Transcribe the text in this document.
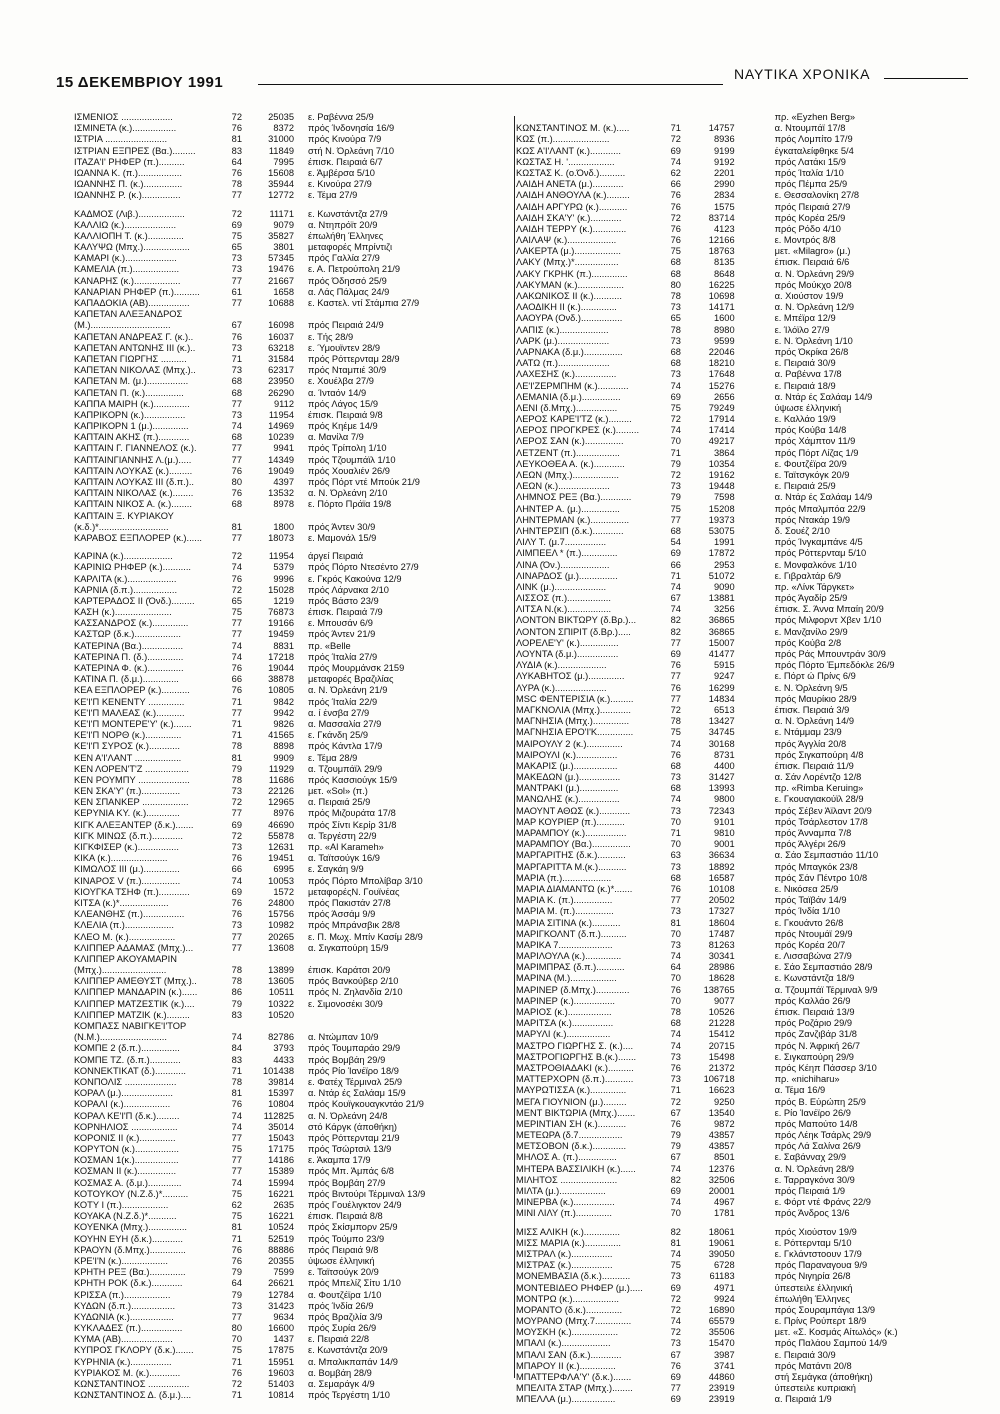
15 ΔΕΚΕΜΒΡΙΟΥ 1991	ΝΑΥΤΙΚΑ ΧΡΟΝΙΚΑ
ΙΣΜΕΝΙΟΣ ....................	72	25035	ε. Ραβέννα 25/9
ΙΣΜΙΝΕΤΑ (κ.).................	76	8372	πρός Ίνδονησία 16/9
ΙΣΤΡΙΑ ........................	81	31000	πρός Κινούρα 7/9
ΙΣΤΡΙΑΝ ΕΞΠΡΕΣ (Βα.).........	83	11849	στή Ν. Όρλεάνη 7/10
ΙΤΑΖΑ'Ι' ΡΗΦΕΡ (π.)..........	64	7995	έπισκ. Πειραιά 6/7
ΙΩΑΝΝΑ Κ. (π.).................	76	15608	ε. Άμβέρσα 5/10
ΙΩΑΝΝΗΣ Π. (κ.)...............	78	35944	ε. Κινούρα 27/9
ΙΩΑΝΝΗΣ Ρ. (κ.)...............	77	12772	ε. Τέμα 27/9
ΚΑΔΜΟΣ (Λιβ.)..................	72	11171	ε. Κωνστάντζα 27/9
ΚΑΛΛΙΩ (κ.)....................	69	9079	α. Ντηπρόϊτ 20/9
ΚΑΛΛΙΟΠΗ Τ. (κ.)..............	75	35827	έπωλήθη Έλληνες
ΚΑΛΥΨΩ (Μπχ.)..................	65	3801	μεταφορές Μπρίντιζι
ΚΑΜΑΡΙ (κ.)....................	73	57345	πρός Γαλλία 27/9
ΚΑΜΕΛΙΑ (π.)..................	73	19476	ε. Α. Πετρούπολη 21/9
ΚΑΝΑΡΗΣ (κ.)..................	77	21667	πρός Όδησσό 25/9
ΚΑΝΑΡΙΑΝ ΡΗΦΕΡ (π.)..........	61	1658	α. Λάς Πάλμας 24/9
ΚΑΠΑΔΟΚΙΑ (ΑΒ)................	77	10688	ε. Καστελ. ντί Στάμπια 27/9
ΚΑΠΕΤΑΝ ΑΛΕΞΑΝΔΡΟΣ
(Μ.)...............................	67	16098	πρός Πειραιά 24/9
ΚΑΠΕΤΑΝ ΑΝΔΡΕΑΣ Γ. (κ.)..	76	16037	ε. Τής 28/9
ΚΑΠΕΤΑΝ ΑΝΤΩΝΗΣ ΙΙΙ (κ.)..	73	63218	ε. Ύμουϊντεν 28/9
ΚΑΠΕΤΑΝ ΓΙΩΡΓΗΣ ..........	71	31584	πρός Ρόττερνταμ 28/9
ΚΑΠΕΤΑΝ ΝΙΚΟΛΑΣ (Μπχ.)..	73	62317	πρός Νταμπιέ 30/9
ΚΑΠΕΤΑΝ Μ. (μ.)................	68	23950	ε. Χουέλβα 27/9
ΚΑΠΕΤΑΝ Π. (κ.)...............	68	26290	α. Ίνταόν 14/9
ΚΑΠΠΑ ΜΑΙΡΗ (κ.)..............	77	9112	πρός Λάγος 15/9
ΚΑΠΡΙΚΟΡΝ (κ.)................	73	11954	έπισκ. Πειραιά 9/8
ΚΑΠΡΙΚΟΡΝ 1 (μ.)..............	74	14969	πρός Κηέμε 14/9
ΚΑΠΤΑΙΝ ΑΚΗΣ (π.)............	68	10239	α. Μανίλα 7/9
ΚΑΠΤΑΙΝ Γ. ΓΙΑΝΝΕΛΟΣ (κ.).	77	9941	πρός Τρίπολη 1/10
ΚΑΠΤΑΙΝΓΙΑΝΝΗΣ Λ.(μ.).....	77	14349	πρός Τζουμπάϊλ 1/10
ΚΑΠΤΑΙΝ ΛΟΥΚΑΣ (κ.).........	76	19049	πρός Χουαλιέν 26/9
ΚΑΠΤΑΙΝ ΛΟΥΚΑΣ ΙΙΙ (δ.π.)..	80	4397	πρός Πόρτ ντέ Μπούκ 21/9
ΚΑΠΤΑΙΝ ΝΙΚΟΛΑΣ (κ.)........	76	13532	α. Ν. Όρλεάνη 2/10
ΚΑΠΤΑΙΝ ΝΙΚΟΣ Α. (κ.)........	68	8978	ε. Πόρτο Πράϊα 19/8
ΚΑΠΤΑΙΝ Ξ. ΚΥΡΙΑΚΟΥ
(κ.δ.)*...........................	81	1800	πρός Άντεν 30/9
ΚΑΡΑΒΟΣ ΕΞΠΛΟΡΕΡ (κ.)......	77	18073	ε. Μαμονάλ 15/9
ΚΑΡΙΝΑ (κ.)...................	72	11954	άργεί Πειραιά
ΚΑΡΙΝΙΩ ΡΗΦΕΡ (κ.)...........	74	5379	πρός Πόρτο Ντεσέντο 27/9
ΚΑΡΛΙΤΑ (κ.)...................	76	9996	ε. Γκρός Κακούνα 12/9
ΚΑΡΝΙΑ (δ.π.).................	72	15028	πρός Λάρνακα 2/10
ΚΑΡΤΕΡΑΔΟΣ ΙΙ (Όνδ.).........	65	1219	πρός Βάστο 23/9
ΚΑΣΗ (κ.)......................	75	76873	έπισκ. Πειραιά 7/9
ΚΑΣΣΑΝΔΡΟΣ (κ.)..............	77	19166	ε. Μπουσάν 6/9
ΚΑΣΤΩΡ (δ.κ.)..................	77	19459	πρός Άντεν 21/9
ΚΑΤΕΡΙΝΑ (Βα.)................	74	8831	πρ. «Belle
ΚΑΤΕΡΙΝΑ Π. (δ.)..............	74	17218	πρός Ίταλία 27/9
ΚΑΤΕΡΙΝΑ Φ. (κ.)..............	76	19044	πρός Μουρμάνσκ 2159
ΚΑΤΙΝΑ Π. (δ.μ.)..............	66	38878	μεταφορές Βραζιλίας
ΚΕΑ ΕΞΠΛΟΡΕΡ (κ.)...........	76	10805	α. Ν. Όρλεάνη 21/9
ΚΕ'Ι'Π ΚΕΝΕΝΤΥ ..............	71	9842	πρός Ίταλία 22/9
ΚΕ'Ι'Π ΜΑΛΕΑΣ (κ.)...........	77	9942	α. ί ένσβα 27/9
ΚΕ'Ι'Π ΜΟΝΤΕΡΕ'Υ' (κ.).......	71	9826	α. Μασσαλία 27/9
ΚΕ'Ι'Π ΝΟΡΘ (κ.)..............	71	41565	ε. Γκάνδη 25/9
ΚΕ'Ι'Π ΣΥΡΟΣ (κ.)............	78	8898	πρός Κάντλα 17/9
ΚΕΝ Α'Ι'ΛΑΝΤ ..................	81	9909	ε. Τέμα 28/9
ΚΕΝ ΛΟΡΕΝ'Τ'Ζ .................	79	11929	α. Τζουμπάϊλ 29/9
ΚΕΝ ΡΟΥΜΠΥ ....................	78	11686	πρός Κασσιούγκ 15/9
ΚΕΝ ΣΚΑ'Υ' (π.)...............	73	22126	μετ. «Sol» (π.)
ΚΕΝ ΣΠΑΝΚΕΡ ..................	72	12965	α. Πειραιά 25/9
ΚΕΡΥΝΙΑ ΚΥ. (κ.).............	77	8976	πρός Μιζουράτα 17/8
ΚΙΓΚ ΑΛΕΞΑΝΤΕΡ (δ.κ.).......	69	46690	πρός Σίντι Κερίρ 31/8
ΚΙΓΚ ΜΙΝΩΣ (δ.π.)............	72	55878	α. Τεργέστη 22/9
ΚΙΓΚΦΙΣΕΡ (κ.)................	73	12631	πρ. «Al Karameh»
ΚΙΚΑ (κ.)......................	76	19451	α. Ταϊτσούγκ 16/9
ΚΙΜΩΛΟΣ ΙΙΙ (μ.)..............	66	6995	ε. Σαγκάη 9/9
ΚΙΝΑΡΟΣ V (π.)...............	74	10053	πρός Πόρτο Μπολίβαρ 3/10
ΚΙΟΥΓΚΑ ΤΣΗΦ (π.)............	69	1572	μεταφορέςΝ. Γουϊνέας
ΚΙΤΣΑ (κ.)*...................	76	24800	πρός Πακιστάν 27/8
ΚΛΕΑΝΘΗΣ (π.)................	76	15756	πρός Άσσάμ 9/9
ΚΛΕΛΙΑ (π.)...................	73	10982	πρός Μπράνσβικ 28/8
ΚΛΕΟ Μ. (κ.)..................	77	20265	ε. Π. Μωχ. Μπίν Κασίμ 28/9
ΚΛΙΠΠΕΡ ΑΔΑΜΑΣ (Μπχ.)...	77	13608	α. Σιγκαπούρη 15/9
ΚΛΙΠΠΕΡ ΑΚΟΥΑΜΑΡΙΝ
(Μπχ.).........................	78	13899	έπισκ. Καράτσι 20/9
ΚΛΙΠΠΕΡ ΑΜΕΘΥΣΤ (Μπχ.)..	78	13605	πρός Βανκούβερ 2/10
ΚΛΙΠΠΕΡ ΜΑΝΔΑΡΙΝ (κ.)......	86	10511	πρός Ν. Ζηλανδία 2/10
ΚΛΙΠΠΕΡ ΜΑΤΖΕΣΤΙΚ (κ.)....	79	10322	ε. Σιμονοσέκι 30/9
ΚΛΙΠΠΕΡ ΜΑΤΖΙΚ (κ.).........	83	10520
ΚΟΜΠΑΣΣ ΝΑΒΙΓΚΕ'Ι'ΤΟΡ
(Ν.Μ.)..........................	74	82786	α. Ντώμπαν 10/9
ΚΟΜΠΕ 2 (δ.π.)...............	84	3793	πρός Τουμπαράο 29/9
ΚΟΜΠΕ ΤΖ. (δ.π.)............	83	4433	πρός Βομβάη 29/9
ΚΟΝΝΕΚΤΙΚΑΤ (δ.)............	71	101438	πρός Ρίο Ίανέϊρο 18/9
ΚΟΝΠΟΛΙΣ ....................	78	39814	ε. Φατέχ Τέρμιναλ 25/9
ΚΟΡΑΛ (μ.)....................	81	15397	α. Ντάρ ές Σαλάαμ 15/9
ΚΟΡΑΛΙ (κ.)..................	76	10804	πρός Κουϊγκουαγκντάο 21/9
ΚΟΡΑΛ ΚΕ'Ι'Π (δ.κ.).........	74	112825	α. Ν. Όρλεάνη 24/8
ΚΟΡΝΗΛΙΟΣ ..................	74	35014	στό Κάργκ (άποθήκη)
ΚΟΡΟΝΙΣ ΙΙ (κ.)..............	77	15043	πρός Ρόττερνταμ 21/9
ΚΟΡΥΤΟΝ (κ.).................	75	17175	πρός Τσώρτσιλ 13/9
ΚΟΣΜΑΝ 1(κ.).................	77	14186	ε. Άκαμπα 17/9
ΚΟΣΜΑΝ ΙΙ (κ.)...............	77	15389	πρός Μπ. Άμπάς 6/8
ΚΟΣΜΑΣ Α. (δ.μ.).............	74	15994	πρός Βομβάη 27/9
ΚΟΤΟΥΚΟΥ (Ν.Ζ.δ.)*..........	75	16221	πρός Βιντούρι Τέρμιναλ 13/9
ΚΟΤΥ Ι (π.)..................	62	2635	πρός Γουέλιγκτον 24/9
ΚΟΥΑΚΑ (Ν.Ζ.δ.)*...........	75	16221	έπισκ. Πειραιά 8/8
ΚΟΥΕΝΚΑ (Μπχ.)...............	81	10524	πρός Σκίσμπορν 25/9
ΚΟΥΗΝ ΕΥΗ (δ.κ.)............	71	52519	πρός Τούμπο 23/9
ΚΡΑΟΥΝ (δ.Μπχ.)..............	76	88886	πρός Πειραιά 9/8
ΚΡΕ'Ι'Ν (κ.)..................	76	20355	ύψωσε έλληνική
ΚΡΗΤΗ ΡΕΞ (Βα.)..............	79	7599	ε. Ταϊτσούγκ 20/9
ΚΡΗΤΗ ΡΟΚ (δ.κ.)............	64	26621	πρός Μπελίζ Σίτυ 1/10
ΚΡΙΣΣΑ (π.)..................	79	12784	α. Φουτζέϊρα 1/10
ΚΥΔΩΝ (δ.π.).................	73	31423	πρός Ίνδία 26/9
ΚΥΔΩΝΙΑ (κ.).................	77	9634	πρός Βραζιλία 3/9
ΚΥΚΛΑΔΕΣ (π.)................	80	16600	πρός Συρία 26/9
ΚΥΜΑ (ΑΒ)....................	70	1437	ε. Πειραιά 22/8
ΚΥΠΡΟΣ ΓΚΛΟΡΥ (δ.κ.).......	75	17875	ε. Κωνστάντζα 20/9
ΚΥΡΗΝΙΑ (κ.)................	71	15951	α. Μπαλικπαπάν 14/9
ΚΥΡΙΑΚΟΣ Μ. (κ.)............	76	19603	α. Βομβάη 28/9
ΚΩΝΣΤΑΝΤΙΝΟΣ ................	72	51403	α. Σεμαράγκ 4/9
ΚΩΝΣΤΑΝΤΙΝΟΣ Δ. (δ.μ.)....	71	10814	πρός Τεργέστη 1/10
πρ. «Eyzhen Berg»
ΚΩΝΣΤΑΝΤΙΝΟΣ Μ. (κ.).....	71	14757	α. Ντουμπάϊ 17/8
ΚΩΣ (π.)......................	72	8936	πρός Λομπίτο 17/9
ΚΩΣ Α'Ι'ΛΑΝΤ (κ.)............	69	9199	έγκαταλείφθηκε 5/4
ΚΩΣΤΑΣ Η. '..................	74	9192	πρός Λατάκι 15/9
ΚΩΣΤΑΣ Κ. (ο.Όνδ.)..........	62	2201	πρός Ίταλία 1/10
ΛΑΙΔΗ ΑΝΕΤΑ (μ.)............	66	2990	πρός Πέμπα 25/9
ΛΑΙΔΗ ΑΝΘΟΥΛΑ (κ.).........	76	2834	ε. Θεσσαλονίκη 27/8
ΛΑΙΔΗ ΑΡΓΥΡΩ (κ.)...........	76	1575	πρός Πειραιά 27/9
ΛΑΙΔΗ ΣΚΑ'Υ' (κ.)............	72	83714	πρός Κορέα 25/9
ΛΑΙΔΗ ΤΕΡΡΥ (κ.).............	76	4123	πρός Ρόδο 4/10
ΛΑΙΛΑΨ (κ.)...................	76	12166	ε. Μοντρός 8/8
ΛΑΚΕΡΤΑ (μ.)..................	75	18763	μετ. «Milagro» (μ.)
ΛΑΚΥ (Μπχ.)*.................	68	8135	έπισκ. Πειραιά 6/6
ΛΑΚΥ ΓΚΡΗΚ (π.)..............	68	8648	α. Ν. Όρλεάνη 29/9
ΛΑΚΥΜΑΝ (κ.)..................	80	16225	πρός Μούκχο 20/8
ΛΑΚΩΝΙΚΟΣ ΙΙ (κ.)...........	78	10698	α. Χιούστον 19/9
ΛΑΟΔΙΚΗ ΙΙ (κ.)..............	73	14171	α. Ν. Όρλεάνη 12/9
ΛΑΟΥΡΑ (Ονδ.)................	65	1600	ε. Μπέϊρα 12/9
ΛΑΠΙΣ (κ.)...................	78	8980	ε. Ίλόϊλο 27/9
ΛΑΡΚ (μ.)....................	73	9599	ε. Ν. Όρλεάνη 1/10
ΛΑΡΝΑΚΑ (δ.μ.)...............	68	22046	πρός Όκρίκα 26/8
ΛΑΤΩ (π.)....................	68	18210	ε. Πειραιά 30/9
ΛΑΧΕΣΗΣ (κ.)................	73	17648	α. Ραβέννα 17/8
ΛΕ'Ι'ΖΕΡΜΠΗΜ (κ.)............	74	15276	ε. Πειραιά 18/9
ΛΕΜΑΝΙΑ (δ.μ.)...............	69	2656	α. Ντάρ ές Σαλάαμ 14/9
ΛΕΝΙ (δ.Μπχ.)................	75	79249	ύψωσε έλληνική
ΛΕΡΟΣ ΚΑΡΕ'Ι'ΤΖ (κ.).........	72	17914	ε. Καλλάο 19/9
ΛΕΡΟΣ ΠΡΟΓΚΡΕΣ (κ.).........	74	17414	πρός Κούβα 14/8
ΛΕΡΟΣ ΣΑΝ (κ.)...............	70	49217	πρός Χάμπτον 11/9
ΛΕΤΖΕΝΤ (π.).................	71	3864	πρός Πόρτ Λίζας 1/9
ΛΕΥΚΟΘΕΑ Α. (κ.)............	79	10354	ε. Φουτζέϊρα 20/9
ΛΕΩΝ (Μπχ.)..................	72	19162	ε. Ταϊτσγκόγκ 20/9
ΛΕΩΝ (κ.)....................	73	19448	ε. Πειραιά 25/9
ΛΗΜΝΟΣ ΡΕΞ (Βα.)............	79	7598	α. Ντάρ ές Σαλάαμ 14/9
ΛΗΝΤΕΡ Α. (μ.)...............	75	15208	πρός Μπαλμπόα 22/9
ΛΗΝΤΕΡΜΑΝ (κ.)...............	77	19373	πρός Ντακάρ 19/9
ΛΗΝΤΕΡΣΙΠ (δ.κ.)............	68	53075	δ. Σουέζ 2/10
ΛΙΛΥ Τ. (μ.7................	54	1991	πρός Ίνγκαμπάνε 4/5
ΛΙΜΠΕΕΛ * (π.)..............	69	17872	πρός Ρόττερνταμ 5/10
ΛΙΝΑ (Όν.)...................	66	2953	ε. Μονφαλκόνε 1/10
ΛΙΝΑΡΔΟΣ (μ.)...............	71	51072	ε. Γιβραλτάρ 6/9
ΛΙΝΚ (μ.)....................	74	9090	πρ. «Λίνκ Τάργκετ»
ΛΙΣΣΟΣ (π.).................	67	13881	πρός Άγαδίρ 25/9
ΛΙΤΣΑ Ν.(κ.).................	74	3256	έπισκ. Σ. Άννα Μπαίη 20/9
ΛΟΝΤΟΝ ΒΙΚΤΩΡΥ (δ.Βρ.)...	82	36865	πρός Μιλφορντ Χβεν 1/10
ΛΟΝΤΟΝ ΣΠΙΡΙΤ (δ.Βρ.).....	82	36865	ε. Μανζανίλο 29/9
ΛΟΡΕΛΕ'Υ' (κ.)...............	77	15007	πρός Κούβα 2/8
ΛΟΥΝΤΑ (δ.μ.)................	69	41477	πρός Ράς Μπουντράν 30/9
ΛΥΔΙΑ (κ.)...................	76	5915	πρός Πόρτο Έμπεδόκλε 26/9
ΛΥΚΑΒΗΤΟΣ (μ.)..............	77	9247	ε. Πόρτ ώ Πρίνς 6/9
ΛΥΡΑ (κ.)....................	76	16299	ε. Ν. Όρλεάνη 9/5
MSC ΦΕΝΤΕΡΙΣΙΑ (κ.).........	77	14834	πρός Μαυρίκιο 28/9
ΜΑΓΚΝΟΛΙΑ (Μπχ.)............	72	6513	έπισκ. Πειραιά 3/9
ΜΑΓΝΗΣΙΑ (Μπχ.)..............	78	13427	α. Ν. Όρλεάνη 14/9
ΜΑΓΝΗΣΙΑ ΕΡΟ'Ι'Κ..............	75	34745	ε. Ντάμμαμ 23/9
ΜΑΙΡΟΥΛΥ 2 (κ.)..............	74	30168	πρός Άγγλία 20/8
ΜΑΙΡΟΥΛΙ (κ.)................	76	8731	πρός Σιγκαπούρη 4/8
ΜΑΚΑΡΙΣ (μ.).................	68	4400	έπισκ. Πειραιά 11/9
ΜΑΚΕΔΩΝ (μ.)................	73	31427	α. Σάν Λορέντζο 12/8
ΜΑΝΤΡΑΚΙ (μ.)...............	68	13993	πρ. «Rimba Keruing»
ΜΑΝΩΛΗΣ (κ.)................	74	9800	ε. Γκουαγιακούϊλ 28/9
ΜΑΟΥΝΤ ΑΘΩΣ (κ.)............	73	72343	πρός Σέβεν Άϊλαντ 20/9
ΜΑΡ ΚΟΥΡΙΕΡ (π.)...........	70	9101	πρός Τσάρλεστον 17/8
ΜΑΡΑΜΠΟΥ (κ.)................	71	9810	πρός Άνναμπα 7/8
ΜΑΡΑΜΠΟΥ (Βα.)...............	70	9001	πρός Άλγέρι 26/9
ΜΑΡΓΑΡΙΤΗΣ (δ.κ.)...........	63	36634	α. Σάο Σεμπαστιάο 11/10
ΜΑΡΓΑΡΙΤΤΑ Μ.(κ.)...........	73	18892	πρός Μπαγκόκ 23/8
ΜΑΡΙΑ (π.)...................	68	16587	πρός Σάν Πέντρο 10/8
ΜΑΡΙΑ ΔΙΑΜΑΝΤΩ (κ.)*.......	76	10108	ε. Νικόσεα 25/9
ΜΑΡΙΑ Κ. (π.)...............	77	20502	πρός Ταϊβάν 14/9
ΜΑΡΙΑ Μ. (π.)...............	73	17327	πρός Ίνδία 1/10
ΜΑΡΙΑ ΣΙΤΙΝΑ (κ.)...........	81	18604	ε. Γκουάντο 26/8
ΜΑΡΙΓΚΟΛΝΤ (δ.π.)..........	70	17487	πρός Ντουμάϊ 29/9
ΜΑΡΙΚΑ 7.....................	73	81263	πρός Κορέα 20/7
ΜΑΡΙΛΟΥΛΑ (κ.)..............	74	30341	ε. Λισσαβώνα 27/9
ΜΑΡΙΜΠΡΑΣ (δ.π.)...........	64	28986	ε. Σάο Σεμπαστιάο 28/9
ΜΑΡΙΝΑ (Μ.)..................	70	18628	ε. Κωνστάντζα 18/9
ΜΑΡΙΝΕΡ (δ.Μπχ.).............	76	138765	α. Τζουμπάϊ Τέρμιναλ 9/9
ΜΑΡΙΝΕΡ (κ.)................	70	9077	πρός Καλλάο 26/9
ΜΑΡΙΟΣ (κ.).................	78	10526	έπισκ. Πειραιά 13/9
ΜΑΡΙΤΣΑ (κ.)................	68	21228	πρός Ροζάριο 29/9
ΜΑΡΥΛΙ (κ.).................	74	15412	πρός Ζανζιβάρ 31/8
ΜΑΣΤΡΟ ΓΙΩΡΓΗΣ Σ. (κ.)....	74	20715	πρός Ν. Άφρική 26/7
ΜΑΣΤΡΟΓΙΩΡΓΗΣ Β.(κ.).......	73	15498	ε. Σιγκαπούρη 29/9
ΜΑΣΤΡΟΘΙΑΔΑΚΙ (κ.)..........	76	21372	πρός Κέηπ Πάσσερ 3/10
ΜΑΤΤΕΡΧΟΡΝ (δ.π.)...........	73	106718	πρ. «nichiharu»
ΜΑΥΡΩΤΙΣΣΑ (κ.)..............	71	16623	α. Τέμα 16/9
ΜΕΓΑ ΓΙΟΥΝΙΟΝ (μ.).........	72	9250	πρός Β. Εύρώπη 25/9
ΜΕΝΤ ΒΙΚΤΩΡΙΑ (Μπχ.).......	67	13540	ε. Ρίο Ίανέϊρο 26/9
ΜΕΡΙΝΤΙΑΝ ΣΗ (κ.)...........	76	9872	πρός Μαπούτο 14/8
ΜΕΤΕΩΡΑ (δ.7.................	79	43857	πρός Λέηκ Τσάρλς 29/9
ΜΕΤΣΟΒΟΝ (δ.κ.).............	79	43857	πρός Λά Σαλίνα 26/9
ΜΗΛΟΣ Α. (π.)...............	67	8501	ε. Σαβάνναχ 29/9
ΜΗΤΕΡΑ ΒΑΣΣΙΛΙΚΗ (κ.)......	74	12376	α. Ν. Όρλεάνη 28/9
ΜΙΛΗΤΟΣ ......................	82	32506	ε. Ταρραγκόνα 30/9
ΜΙΛΤΑ (μ.)..................	69	20001	πρός Πειραιά 1/9
ΜΙΝΕΡΒΑ (κ.)................	74	4967	ε. Φόρτ ντέ Φράνς 22/9
ΜΙΝΙ ΛΙΛΥ (π.)..............	70	1781	πρός Άνδρος 13/6
ΜΙΣΣ ΑΛΙΚΗ (κ.)..............	82	18061	πρός Χιούστον 19/9
ΜΙΣΣ ΜΑΡΙΑ (κ.)..............	81	19061	ε. Ρόττερνταμ 5/10
ΜΙΣΤΡΑΛ (κ.)................	74	39050	ε. Γκλάντστοουν 17/9
ΜΙΣΤΡΑΣ (κ.)................	75	6728	πρός Παραναγουα 9/9
ΜΟΝΕΜΒΑΣΙΑ (δ.κ.)...........	73	61183	πρός Νιγηρία 26/8
ΜΟΝΤΕΒΙΔΕΟ ΡΗΦΕΡ (μ.).....	69	4971	ύπεστειλε έλληνική
ΜΟΝΤΡΩ (κ.)..................	72	9924	έπωλήθη Έλληνες
ΜΟΡΑΝΤΟ (δ.κ.)..............	72	16890	πρός Σουραμπάγια 13/9
ΜΟΥΡΑΝΟ (Μπχ.7..............	74	65579	ε. Πρίνς Ρούπερτ 18/9
ΜΟΥΣΚΗ (κ.)..................	72	35506	μετ. «Σ. Κοσμάς Αίτωλός» (κ.)
ΜΠΑΛΙ (κ.)...................	73	15470	πρός Παλάου Σαμπού 14/9
ΜΠΑΛΙ ΣΑΝ (δ.κ.)............	67	3987	ε. Πειραιά 30/9
ΜΠΑΡΟΥ ΙΙ (κ.)..............	76	3741	πρός Ματάντι 20/8
ΜΠΑΤΤΕΡΦΛΑ'Υ' (δ.κ.).......	69	44860	στή Σεμάγκα (άποθήκη)
ΜΠΕΛΙΤΑ ΣΤΑΡ (Μπχ.)........	77	23919	ύπεστειλε κυπριακή
ΜΠΕΛΛΑ (μ.).................	69	23919	α. Πειραιά 1/9
